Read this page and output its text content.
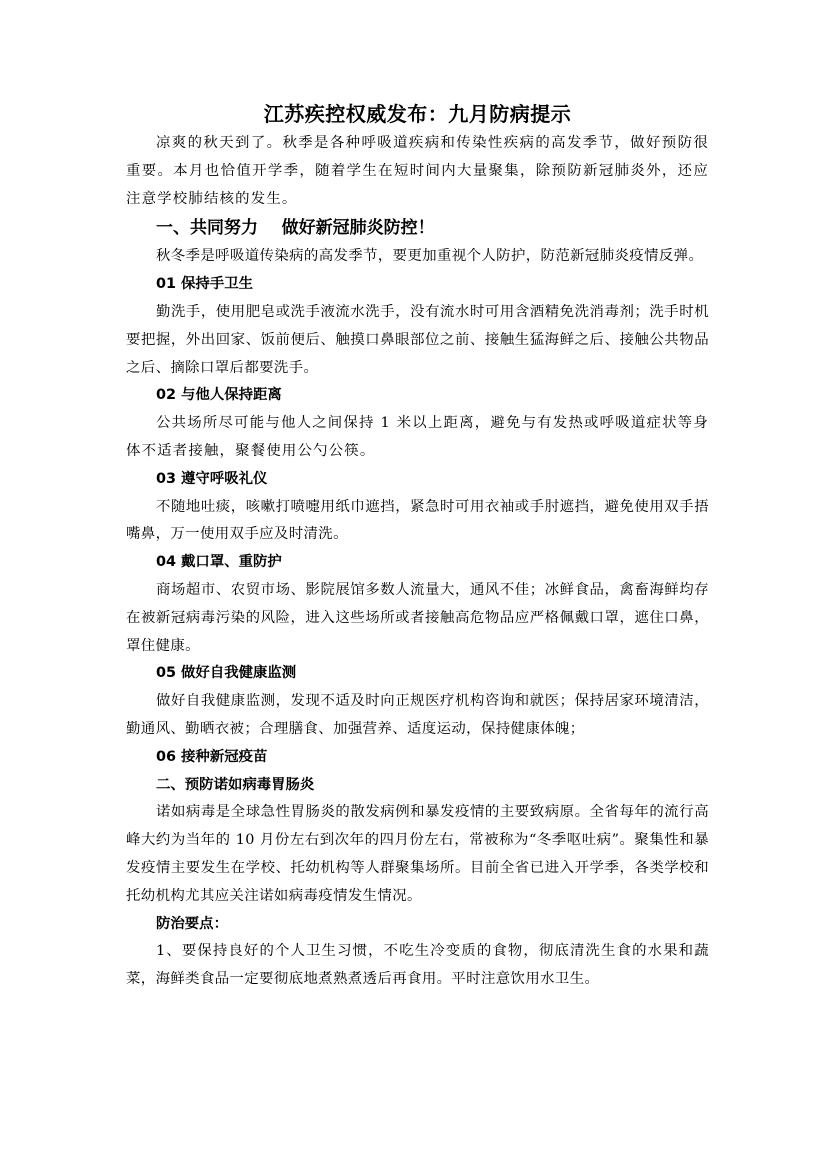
江苏疾控权威发布：九月防病提示

凉爽的秋天到了。秋季是各种呼吸道疾病和传染性疾病的高发季节，做好预防很重要。本月也恰值开学季，随着学生在短时间内大量聚集，除预防新冠肺炎外，还应注意学校肺结核的发生。

一、共同努力    做好新冠肺炎防控！

秋冬季是呼吸道传染病的高发季节，要更加重视个人防护，防范新冠肺炎疫情反弹。

01 保持手卫生

勤洗手，使用肥皂或洗手液流水洗手，没有流水时可用含酒精免洗消毒剂；洗手时机要把握，外出回家、饭前便后、触摸口鼻眼部位之前、接触生猛海鲜之后、接触公共物品之后、摘除口罩后都要洗手。

02 与他人保持距离

公共场所尽可能与他人之间保持 1 米以上距离，避免与有发热或呼吸道症状等身体不适者接触，聚餐使用公勺公筷。

03 遵守呼吸礼仪

不随地吐痰，咳嗽打喷嚏用纸巾遮挡，紧急时可用衣袖或手肘遮挡，避免使用双手捂嘴鼻，万一使用双手应及时清洗。

04 戴口罩、重防护

商场超市、农贸市场、影院展馆多数人流量大，通风不佳；冰鲜食品，禽畜海鲜均存在被新冠病毒污染的风险，进入这些场所或者接触高危物品应严格佩戴口罩，遮住口鼻，罩住健康。

05 做好自我健康监测

做好自我健康监测，发现不适及时向正规医疗机构咨询和就医；保持居家环境清洁，勤通风、勤晒衣被；合理膳食、加强营养、适度运动，保持健康体魄；

06 接种新冠疫苗

二、预防诺如病毒胃肠炎

诺如病毒是全球急性胃肠炎的散发病例和暴发疫情的主要致病原。全省每年的流行高峰大约为当年的 10 月份左右到次年的四月份左右，常被称为“冬季呕吐病”。聚集性和暴发疫情主要发生在学校、托幼机构等人群聚集场所。目前全省已进入开学季，各类学校和托幼机构尤其应关注诺如病毒疫情发生情况。

防治要点：

1、要保持良好的个人卫生习惯，不吃生冷变质的食物，彻底清洗生食的水果和蔬菜，海鲜类食品一定要彻底地煮熟煮透后再食用。平时注意饮用水卫生。
